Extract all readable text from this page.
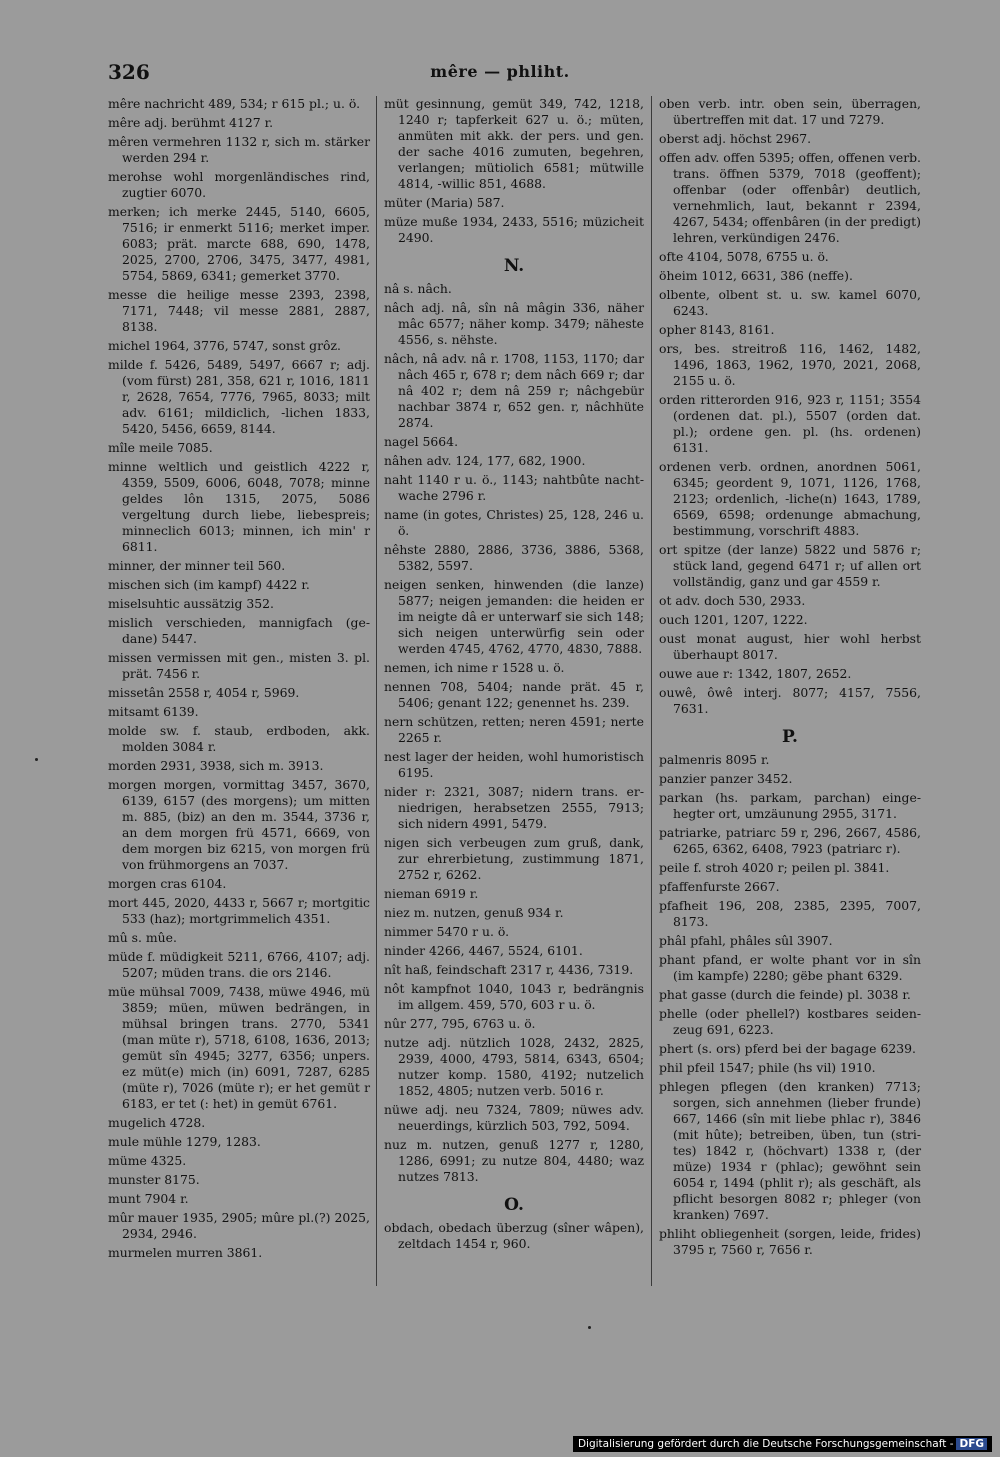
326	mêre — phliht.
mêre nachricht 489, 534; r 615 pl.; u. ö.
mêre adj. berühmt 4127 r.
mêren vermehren 1132 r, sich m. stärker werden 294 r.
merohse wohl morgenländisches rind, zugtier 6070.
merken; ich merke 2445, 5140, 6605, 7516; ir enmerkt 5116; merket imper. 6083; prät. marcte 688, 690, 1478, 2025, 2700, 2706, 3475, 3477, 4981, 5754, 5869, 6341; gemerket 3770.
messe die heilige messe 2393, 2398, 7171, 7448; vil messe 2881, 2887, 8138.
michel 1964, 3776, 5747, sonst grôz.
milde f. 5426, 5489, 5497, 6667 r; adj. (vom fürst) 281, 358, 621 r, 1016, 1811 r, 2628, 7654, 7776, 7965, 8033; milt adv. 6161; mildiclich, -lichen 1833, 5420, 5456, 6659, 8144.
mîle meile 7085.
minne weltlich und geistlich 4222 r, 4359, 5509, 6006, 6048, 7078; minne geldes lôn 1315, 2075, 5086 vergeltung durch liebe, liebespreis; minneclich 6013; minnen, ich min' r 6811.
minner, der minner teil 560.
mischen sich (im kampf) 4422 r.
miselsuhtic aussätzig 352.
mislich verschieden, mannigfach (gedane) 5447.
missen vermissen mit gen., misten 3. pl. prät. 7456 r.
missetân 2558 r, 4054 r, 5969.
mitsamt 6139.
molde sw. f. staub, erdboden, akk. molden 3084 r.
morden 2931, 3938, sich m. 3913.
morgen morgen, vormittag 3457, 3670, 6139, 6157 (des morgens); um mitten m. 885, (biz) an den m. 3544, 3736 r, an dem morgen frü 4571, 6669, von dem morgen biz 6215, von morgen frü von frühmorgens an 7037.
morgen cras 6104.
mort 445, 2020, 4433 r, 5667 r; mortgitic 533 (haz); mortgrimmelich 4351.
mû s. mûe.
müde f. müdigkeit 5211, 6766, 4107; adj. 5207; müden trans. die ors 2146.
müe mühsal 7009, 7438, müwe 4946, mü 3859; müen, müwen bedrängen, in mühsal bringen trans. 2770, 5341 (man müte r), 5718, 6108, 1636, 2013; gemüt sîn 4945; 3277, 6356; unpers. ez müt(e) mich (in) 6091, 7287, 6285 (müte r), 7026 (müte r); er het gemüt r 6183, er tet (: het) in gemüt 6761.
mugelich 4728.
mule mühle 1279, 1283.
müme 4325.
munster 8175.
munt 7904 r.
mûr mauer 1935, 2905; mûre pl.(?) 2025, 2934, 2946.
murmelen murren 3861.
müt gesinnung, gemüt 349, 742, 1218, 1240 r; tapferkeit 627 u. ö.; müten, anmüten mit akk. der pers. und gen. der sache 4016 zumuten, begehren, verlangen; mütiolich 6581; mütwille 4814, -willic 851, 4688.
müter (Maria) 587.
müze muße 1934, 2433, 5516; müzicheit 2490.
N.
nâ s. nâch.
nâch adj. nâ, sîn nâ mâgin 336, näher mâc 6577; näher komp. 3479; näheste 4556, s. nëhste.
nâch, nâ adv. nâ r. 1708, 1153, 1170; dar nâch 465 r, 678 r; dem nâch 669 r; dar nâ 402 r; dem nâ 259 r; nâchgebür nachbar 3874 r, 652 gen. r, nâchhüte 2874.
nagel 5664.
nâhen adv. 124, 177, 682, 1900.
naht 1140 r u. ö., 1143; nahtbûte nachtwache 2796 r.
name (in gotes, Christes) 25, 128, 246 u. ö.
nêhste 2880, 2886, 3736, 3886, 5368, 5382, 5597.
neigen senken, hinwenden (die lanze) 5877; neigen jemanden: die heiden er im neigte dâ er unterwarf sie sich 148; sich neigen unterwürfig sein oder werden 4745, 4762, 4770, 4830, 7888.
nemen, ich nime r 1528 u. ö.
nennen 708, 5404; nande prät. 45 r, 5406; genant 122; genennet hs. 239.
nern schützen, retten; neren 4591; nerte 2265 r.
nest lager der heiden, wohl humoristisch 6195.
nider r: 2321, 3087; nidern trans. erniedrigen, herabsetzen 2555, 7913; sich nidern 4991, 5479.
nigen sich verbeugen zum gruß, dank, zur ehrerbietung, zustimmung 1871, 2752 r, 6262.
nieman 6919 r.
niez m. nutzen, genuß 934 r.
nimmer 5470 r u. ö.
ninder 4266, 4467, 5524, 6101.
nît haß, feindschaft 2317 r, 4436, 7319.
nôt kampfnot 1040, 1043 r, bedrängnis im allgem. 459, 570, 603 r u. ö.
nûr 277, 795, 6763 u. ö.
nutze adj. nützlich 1028, 2432, 2825, 2939, 4000, 4793, 5814, 6343, 6504; nutzer komp. 1580, 4192; nutzelich 1852, 4805; nutzen verb. 5016 r.
nüwe adj. neu 7324, 7809; nüwes adv. neuerdings, kürzlich 503, 792, 5094.
nuz m. nutzen, genuß 1277 r, 1280, 1286, 6991; zu nutze 804, 4480; waz nutzes 7813.
O.
obdach, obedach überzug (sîner wâpen), zeltdach 1454 r, 960.
oben verb. intr. oben sein, überragen, übertreffen mit dat. 17 und 7279.
oberst adj. höchst 2967.
offen adv. offen 5395; offen, offenen verb. trans. öffnen 5379, 7018 (geoffent); offenbar (oder offenbâr) deutlich, vernehmlich, laut, bekannt r 2394, 4267, 5434; offenbâren (in der predigt) lehren, verkündigen 2476.
ofte 4104, 5078, 6755 u. ö.
öheim 1012, 6631, 386 (neffe).
olbente, olbent st. u. sw. kamel 6070, 6243.
opher 8143, 8161.
ors, bes. streitroß 116, 1462, 1482, 1496, 1863, 1962, 1970, 2021, 2068, 2155 u. ö.
orden ritterorden 916, 923 r, 1151; 3554 (ordenen dat. pl.), 5507 (orden dat. pl.); ordene gen. pl. (hs. ordenen) 6131.
ordenen verb. ordnen, anordnen 5061, 6345; geordent 9, 1071, 1126, 1768, 2123; ordenlich, -liche(n) 1643, 1789, 6569, 6598; ordenunge abmachung, bestimmung, vorschrift 4883.
ort spitze (der lanze) 5822 und 5876 r; stück land, gegend 6471 r; uf allen ort vollständig, ganz und gar 4559 r.
ot adv. doch 530, 2933.
ouch 1201, 1207, 1222.
oust monat august, hier wohl herbst überhaupt 8017.
ouwe aue r: 1342, 1807, 2652.
ouwê, ôwê interj. 8077; 4157, 7556, 7631.
P.
palmenris 8095 r.
panzier panzer 3452.
parkan (hs. parkam, parchan) eingehegter ort, umzäunung 2955, 3171.
patriarke, patriarc 59 r, 296, 2667, 4586, 6265, 6362, 6408, 7923 (patriarc r).
peile f. stroh 4020 r; peilen pl. 3841.
pfaffenfurste 2667.
pfafheit 196, 208, 2385, 2395, 7007, 8173.
phâl pfahl, phâles sûl 3907.
phant pfand, er wolte phant vor in sîn (im kampfe) 2280; gëbe phant 6329.
phat gasse (durch die feinde) pl. 3038 r.
phelle (oder phellel?) kostbares seidenzeug 691, 6223.
phert (s. ors) pferd bei der bagage 6239.
phil pfeil 1547; phile (hs vil) 1910.
phlegen pflegen (den kranken) 7713; sorgen, sich annehmen (lieber frunde) 667, 1466 (sîn mit liebe phlac r), 3846 (mit hûte); betreiben, üben, tun (strites) 1842 r, (höchvart) 1338 r, (der müze) 1934 r (phlac); gewöhnt sein 6054 r, 1494 (phlit r); als geschäft, als pflicht besorgen 8082 r; phleger (von kranken) 7697.
phliht obliegenheit (sorgen, leide, frides) 3795 r, 7560 r, 7656 r.
Digitalisierung gefördert durch die Deutsche Forschungsgemeinschaft - DFG
